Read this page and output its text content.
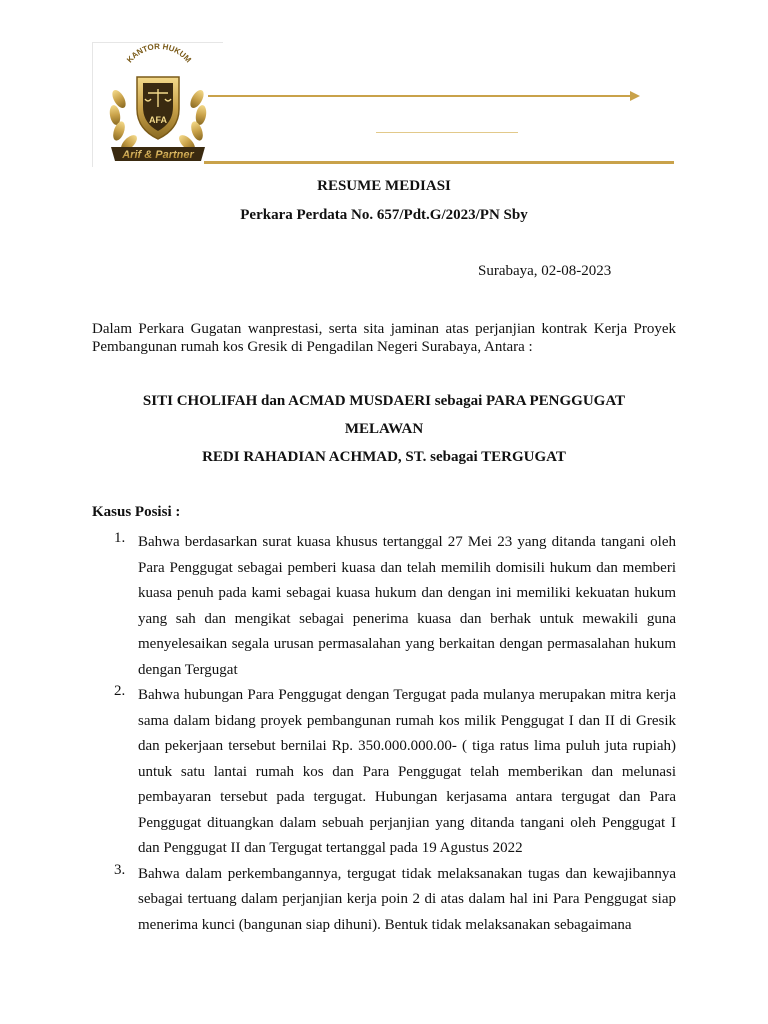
AFA
KANTOR HUKUM
Arif & Partner
RESUME MEDIASI
Perkara Perdata No. 657/Pdt.G/2023/PN Sby
Surabaya, 02-08-2023
Dalam Perkara Gugatan wanprestasi, serta sita jaminan atas perjanjian kontrak Kerja Proyek Pembangunan rumah kos Gresik di Pengadilan Negeri Surabaya, Antara :
SITI CHOLIFAH dan ACMAD MUSDAERI sebagai PARA PENGGUGAT
MELAWAN
REDI RAHADIAN ACHMAD, ST. sebagai TERGUGAT
Kasus Posisi :
1. Bahwa berdasarkan surat kuasa khusus tertanggal 27 Mei 23 yang ditanda tangani oleh Para Penggugat sebagai pemberi kuasa dan telah memilih domisili hukum dan memberi kuasa penuh pada kami sebagai kuasa hukum dan dengan ini memiliki kekuatan hukum yang sah dan mengikat sebagai penerima kuasa dan berhak untuk mewakili guna menyelesaikan segala urusan permasalahan yang berkaitan dengan permasalahan hukum dengan Tergugat
2. Bahwa hubungan Para Penggugat dengan Tergugat pada mulanya merupakan mitra kerja sama dalam bidang proyek pembangunan rumah kos milik Penggugat I dan II di Gresik dan pekerjaan tersebut bernilai Rp. 350.000.000.00- ( tiga ratus lima puluh juta rupiah) untuk satu lantai rumah kos dan Para Penggugat telah memberikan dan melunasi pembayaran tersebut pada tergugat. Hubungan kerjasama antara tergugat dan Para Penggugat dituangkan dalam sebuah perjanjian yang ditanda tangani oleh Penggugat I dan Penggugat II dan Tergugat tertanggal pada 19 Agustus 2022
3. Bahwa dalam perkembangannya, tergugat tidak melaksanakan tugas dan kewajibannya sebagai tertuang dalam perjanjian kerja poin 2 di atas dalam hal ini Para Penggugat siap menerima kunci (bangunan siap dihuni). Bentuk tidak melaksanakan sebagaimana
